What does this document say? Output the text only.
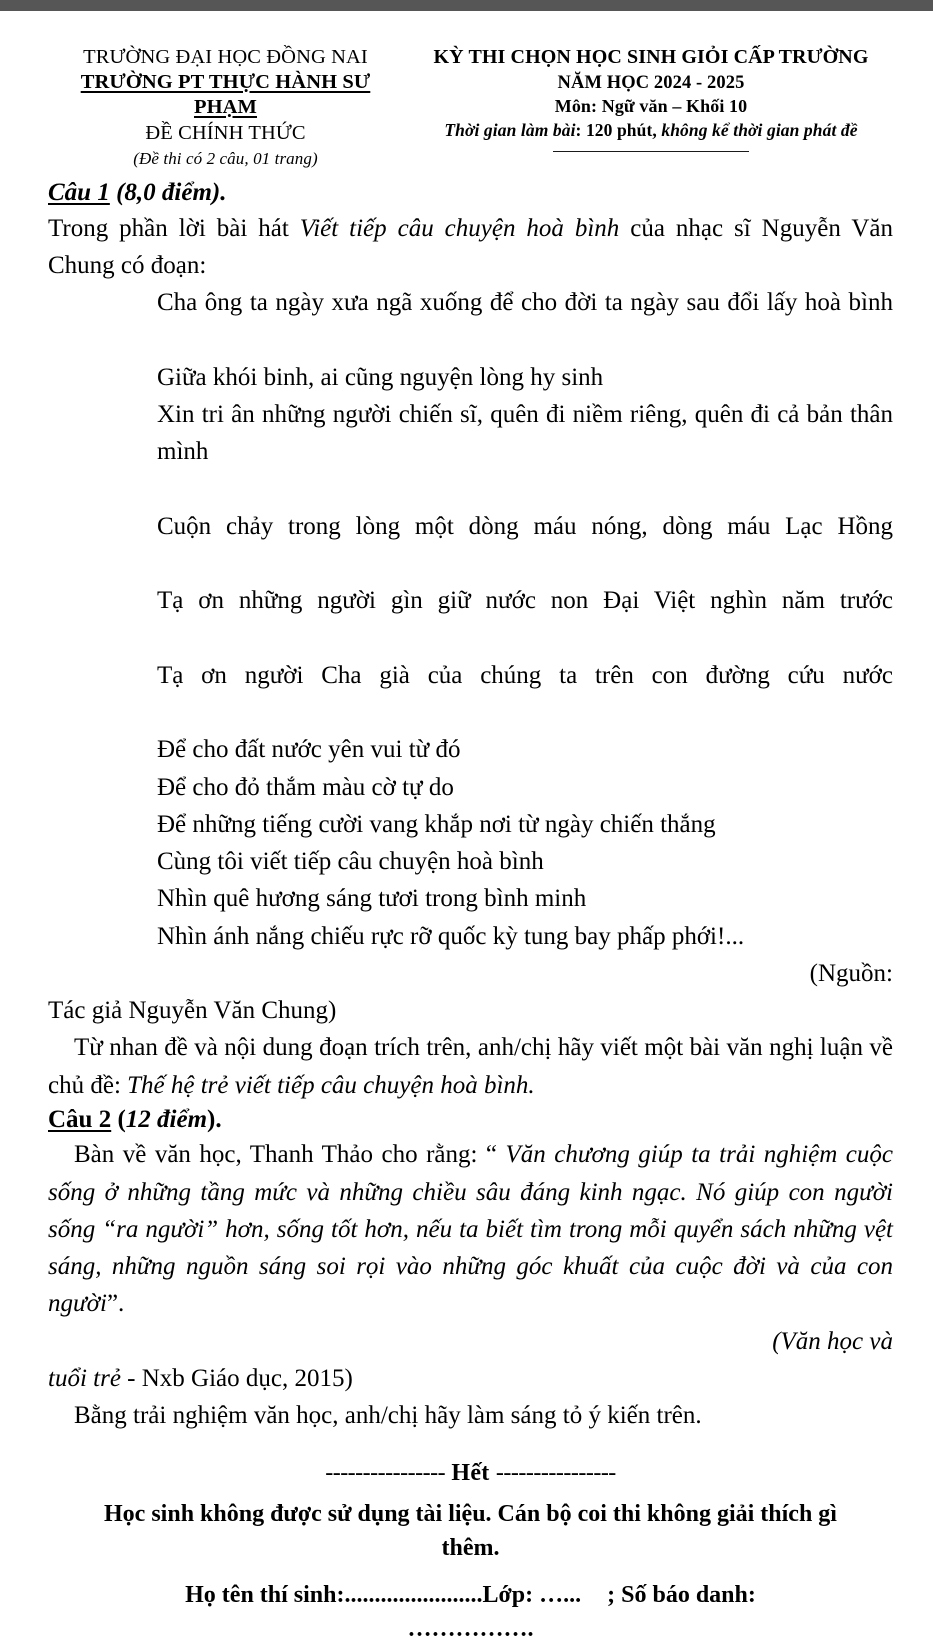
TRƯỜNG ĐẠI HỌC ĐỒNG NAI
TRƯỜNG PT THỰC HÀNH SƯ PHẠM
ĐỀ CHÍNH THỨC
(Đề thi có 2 câu, 01 trang)
KỲ THI CHỌN HỌC SINH GIỎI CẤP TRƯỜNG
NĂM HỌC 2024 - 2025
Môn: Ngữ văn – Khối 10
Thời gian làm bài: 120 phút, không kể thời gian phát đề
Câu 1 (8,0 điểm).
Trong phần lời bài hát Viết tiếp câu chuyện hoà bình của nhạc sĩ Nguyễn Văn Chung có đoạn:
Cha ông ta ngày xưa ngã xuống để cho đời ta ngày sau đổi lấy hoà bình
Giữa khói binh, ai cũng nguyện lòng hy sinh
Xin tri ân những người chiến sĩ, quên đi niềm riêng, quên đi cả bản thân mình
Cuộn chảy trong lòng một dòng máu nóng, dòng máu Lạc Hồng
Tạ ơn những người gìn giữ nước non Đại Việt nghìn năm trước
Tạ ơn người Cha già của chúng ta trên con đường cứu nước
Để cho đất nước yên vui từ đó
Để cho đỏ thắm màu cờ tự do
Để những tiếng cười vang khắp nơi từ ngày chiến thắng
Cùng tôi viết tiếp câu chuyện hoà bình
Nhìn quê hương sáng tươi trong bình minh
Nhìn ánh nắng chiếu rực rỡ quốc kỳ tung bay phấp phới!...
(Nguồn:
Tác giả Nguyễn Văn Chung)
Từ nhan đề và nội dung đoạn trích trên, anh/chị hãy viết một bài văn nghị luận về chủ đề: Thế hệ trẻ viết tiếp câu chuyện hoà bình.
Câu 2 (12 điểm).
Bàn về văn học, Thanh Thảo cho rằng: “ Văn chương giúp ta trải nghiệm cuộc sống ở những tầng mức và những chiều sâu đáng kinh ngạc. Nó giúp con người sống “ra người” hơn, sống tốt hơn, nếu ta biết tìm trong mỗi quyển sách những vệt sáng, những nguồn sáng soi rọi vào những góc khuất của cuộc đời và của con người”.
(Văn học và
tuổi trẻ - Nxb Giáo dục, 2015)
Bằng trải nghiệm văn học, anh/chị hãy làm sáng tỏ ý kiến trên.
---------------- Hết ----------------
Học sinh không được sử dụng tài liệu. Cán bộ coi thi không giải thích gì thêm.
Họ tên thí sinh:.......................Lớp: …... ; Số báo danh:
…………….
